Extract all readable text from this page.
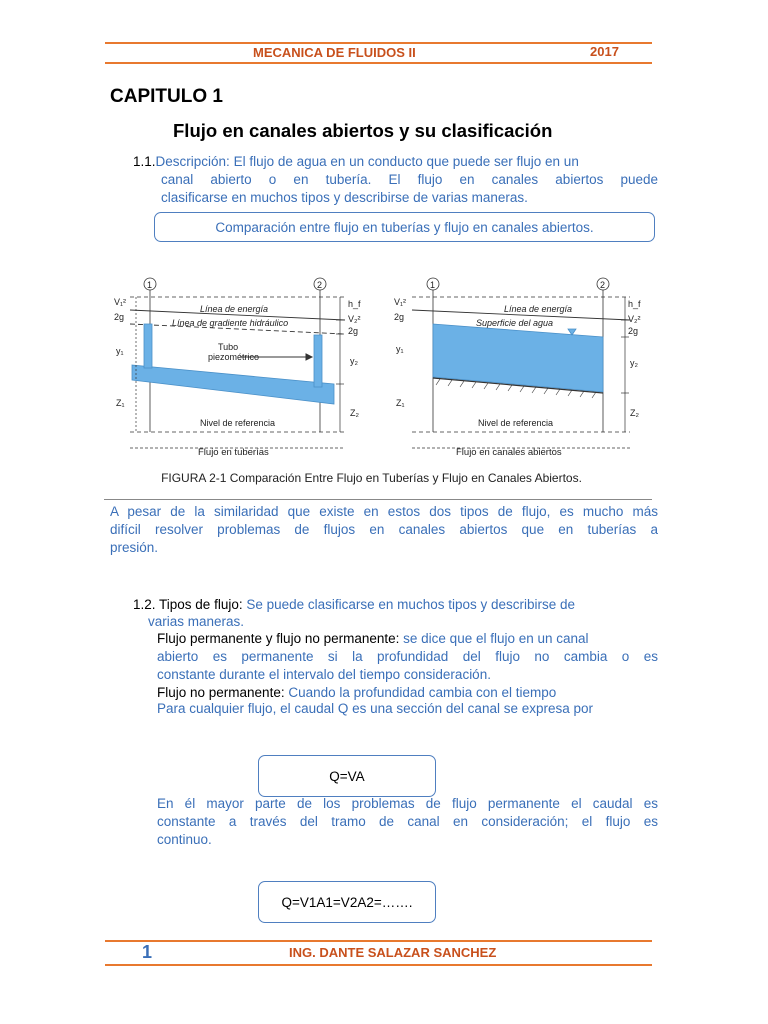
MECANICA DE FLUIDOS II	2017
CAPITULO 1
Flujo en canales abiertos y su clasificación
1.1.Descripción: El flujo de agua en un conducto que puede ser flujo en un
canal abierto o en tubería. El flujo en canales abiertos puede
clasificarse en muchos tipos y describirse de varias maneras.
Comparación entre flujo en tuberías y flujo en canales abiertos.
1	2
V₁²
2g
y₁
Z₁
h_f
V₂²
2g
y₂
Z₂
Línea de energía
Línea de gradiente hidráulico
Tubo
piezométrico
Nivel de referencia
Flujo en tuberías
1	2
V₁²
2g
y₁
Z₁
h_f
V₂²
2g
y₂
Z₂
Línea de energía
Superficie del agua
Nivel de referencia
Flujo en canales abiertos
FIGURA 2-1 Comparación Entre Flujo en Tuberías y Flujo en Canales Abiertos.
A pesar de la similaridad que existe en estos dos tipos de flujo, es mucho más
difícil resolver problemas de flujos en canales abiertos que en tuberías a
presión.
1.2. Tipos de flujo: Se puede clasificarse en muchos tipos y describirse de
varias maneras.
Flujo permanente y flujo no permanente: se dice que el flujo en un canal
abierto es permanente si la profundidad del flujo no cambia o es
constante durante el intervalo del tiempo consideración.
Flujo no permanente: Cuando la profundidad cambia con el tiempo
Para cualquier flujo, el caudal Q es una sección del canal se expresa por
Q=VA
En él mayor parte de los problemas de flujo permanente el caudal es
constante a través del tramo de canal en consideración; el flujo es
continuo.
Q=V1A1=V2A2=…….
1	ING. DANTE SALAZAR SANCHEZ
